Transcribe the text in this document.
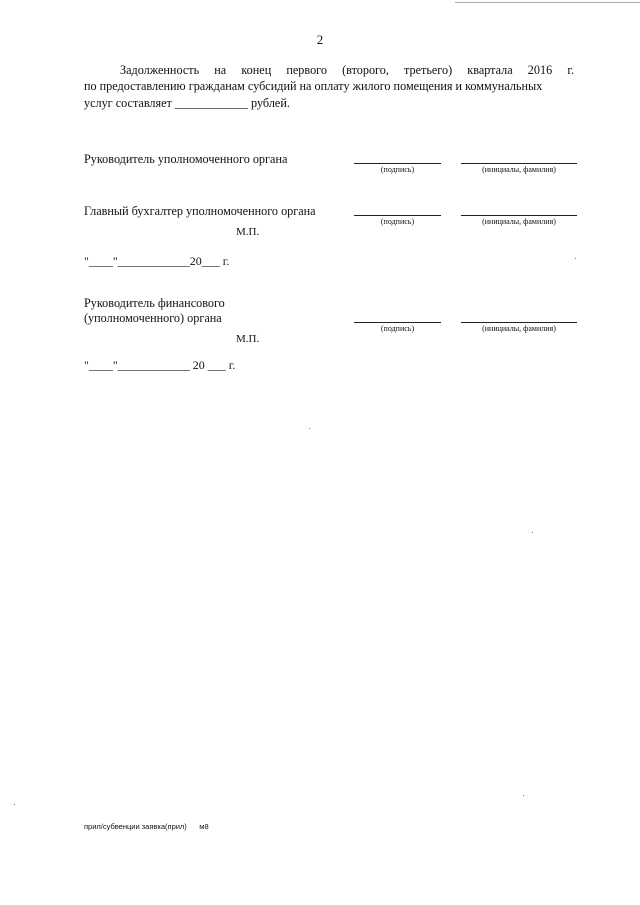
2
Задолженность на конец первого (второго, третьего) квартала 2016 г.
по предоставлению гражданам субсидий на оплату жилого помещения и коммунальных
услуг составляет ____________ рублей.
Руководитель уполномоченного органа
(подпись)	(инициалы, фамилия)
Главный бухгалтер уполномоченного органа
(подпись)	(инициалы, фамилия)
М.П.
"____"____________20___ г.
Руководитель финансового
(уполномоченного) органа
(подпись)	(инициалы, фамилия)
М.П.
"____"____________ 20 ___ г.
прил/субвенции заявка(прил)      м8
